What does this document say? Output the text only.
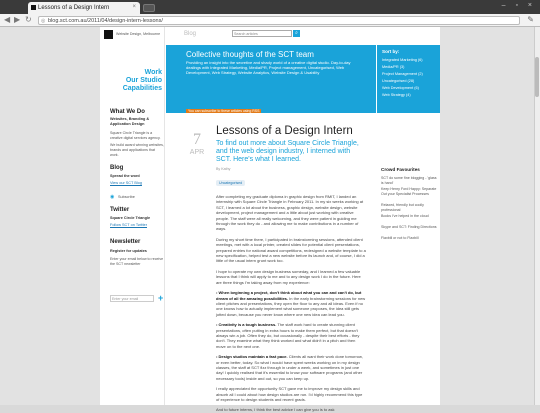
Lessons of a Design Intern	×	– ▫ ×
◀ ▶ ↻ ◎ blog.sct.com.au/2011/04/design-intern-lessons/	✎
Website Design, Melbourne
Work
Our Studio
Capabilities
What We Do
Websites, Branding & Application Design
Square Circle Triangle is a creative digital services agency.
We build award winning websites, brands and applications that work.
Blog
Spread the word
View our SCT Blog
◉ Subscribe
Twitter
Square Circle Triangle
Follow SCT on Twitter
Newsletter
Register for updates
Enter your email below to receive the SCT newsletter
Enter your email	+
Blog	Search articles	⌕
Collective thoughts of the SCT team
Providing an insight into the secretive and shady world of a creative digital studio. Day-to-day dealings with Integrated Marketing, Media/PR, Project management, Uncategorised, Web Development, Web Strategy, Website Analytics, Website Design & Usability
You can subscribe to these articles using RSS
7
APR
Lessons of a Design Intern
To find out more about Square Circle Triangle, and the web design industry, I interned with SCT. Here's what I learned.
By Kathy
Uncategorised
After completing my graduate diploma in graphic design from RMIT, I landed an internship with Square Circle Triangle in February 2011. In my six weeks working at SCT, I learned a lot about the business, graphic design, website design, website development, project management and a little about just working with creative people. The staff were all really welcoming, and they were patient in guiding me through the work they do - and allowing me to make contributions in a number of ways.
During my short time there, I participated in brainstorming sessions, attended client meetings, met with a local printer, created slides for potential client presentations, prepared entries for national award competitions, redesigned a website template to a new specification, helped test a new website before its launch and, of course, I did a little of the usual intern grunt work too.
I hope to operate my own design business someday, and I learned a few valuable lessons that I think will apply to me and to any design work I do in the future. Here are three things I'm taking away from my experience:
• When beginning a project, don't think about what you can and can't do, but dream of all the amazing possibilities. In the early brainstorming sessions for new client pitches and presentations, they open the floor to any and all ideas. Even if no one knows how to actually implement what someone proposes, the idea still gets jotted down, because you never know where one new idea can lead you.
• Creativity is a tough business. The staff work hard to create stunning client presentations, often putting in extra hours to make them perfect, but that doesn't always win a job. Often they do, but occasionally - despite their best efforts - they don't. They examine what they think worked and what didn't in a pitch and then move on to the next one.
• Design studios maintain a fast pace. Clients all want their work done tomorrow, or even better, today. So what I would have spent weeks working on in my design classes, the staff at SCT fizz through in under a week, and sometimes in just one day! I quickly realised that it's essential to know your software programs (and other necessary tools) inside and out, so you can keep up.
I really appreciated the opportunity SCT gave me to improve my design skills and absorb all I could about how design studios are run. I'd highly recommend this type of experience to design students and recent grads.
And to future interns, I think the best advice I can give you is to ask
Sort by:
Integrated Marketing (6)
Media/PR (3)
Project Management (2)
Uncategorised (28)
Web Development (6)
Web Strategy (4)
Crowd Favourites
SCT do some fine blogging - 'glass is hand'
Keep Henry Ford Happy: Separate Out your Specialist Processes
Relaxed, friendly but coolly professional
Books I've helped in the cloud
Skype and SCT: Finding Directions
Flaxbill or not to Flaxbill
